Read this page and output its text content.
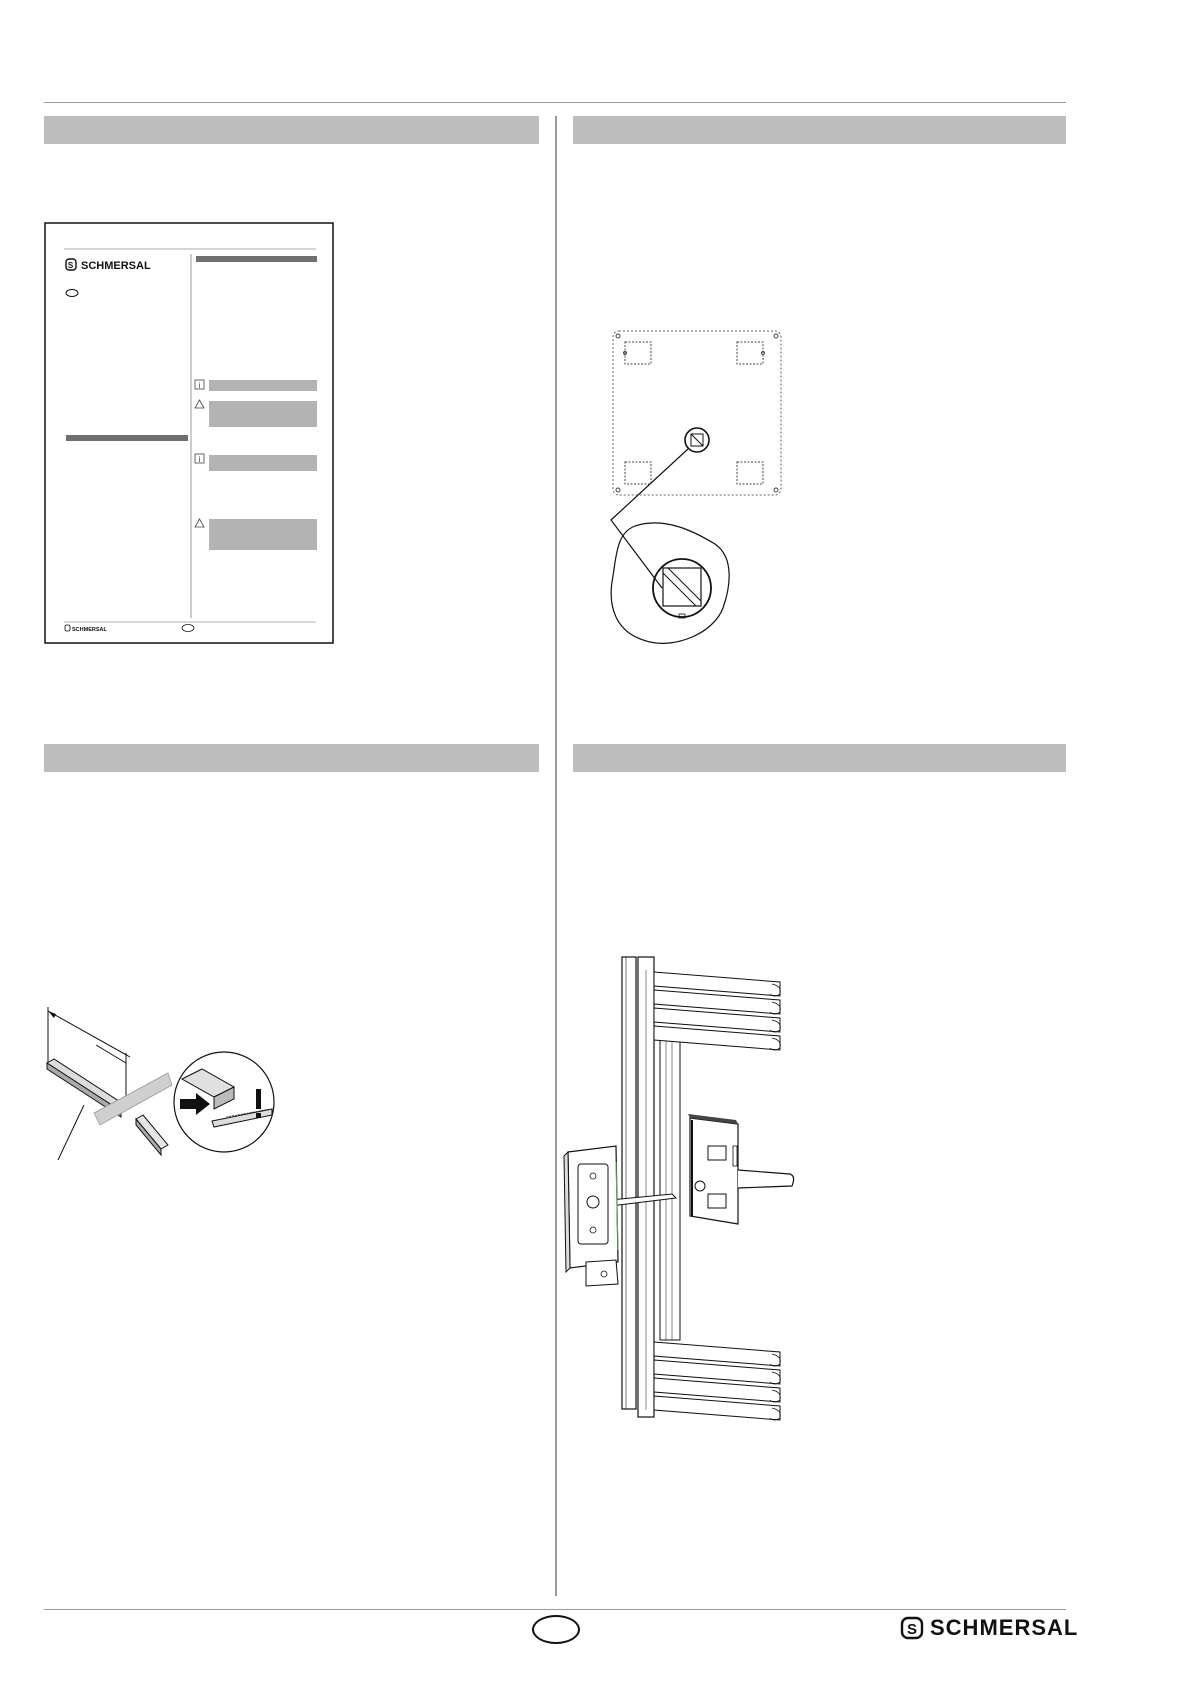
S SCHMERSAL
i
i
SCHMERSAL
S SCHMERSAL
